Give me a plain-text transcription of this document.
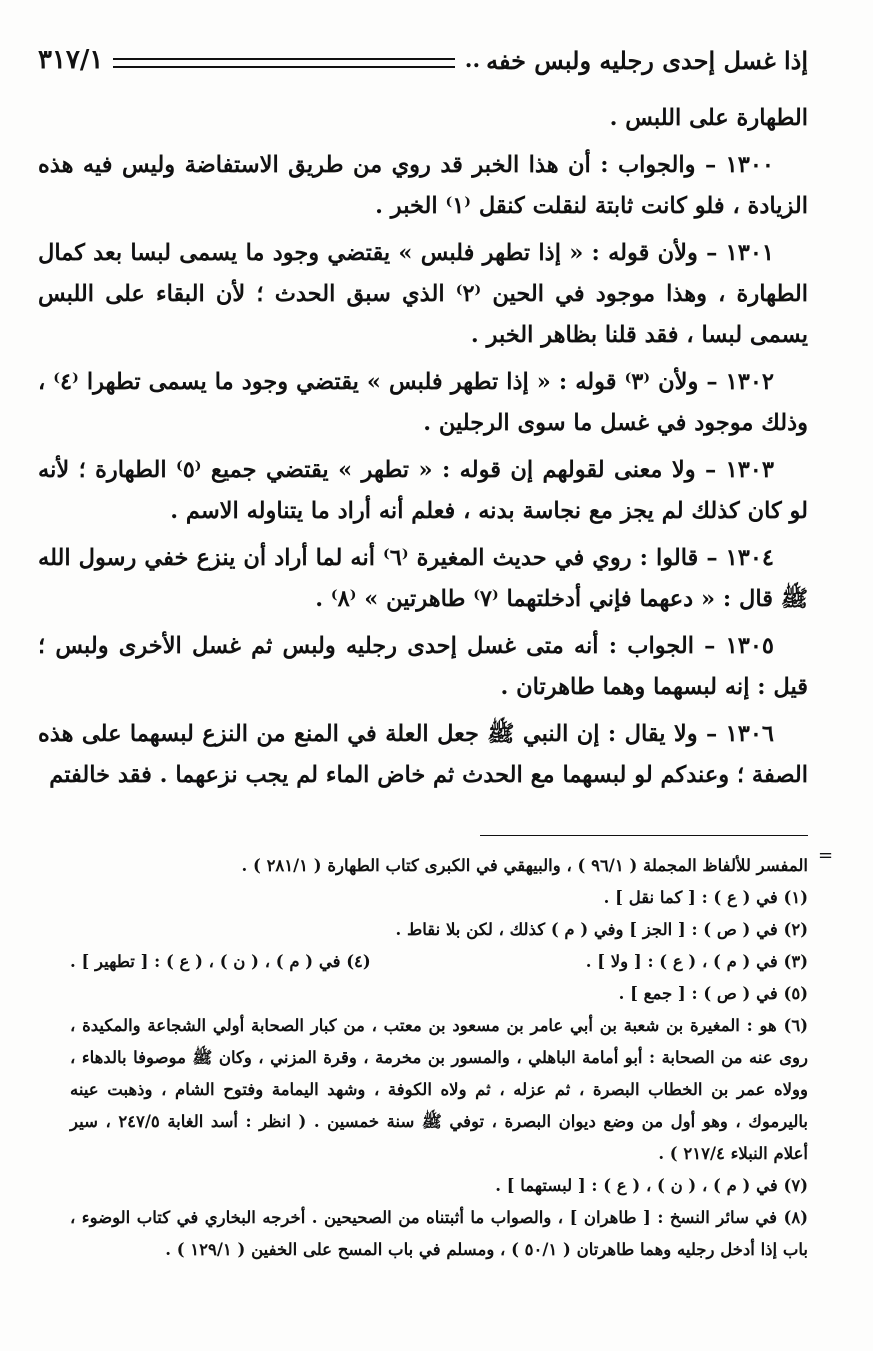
إذا غسل إحدى رجليه ولبس خفه
..
٣١٧/١

الطهارة على اللبس .

١٣٠٠ – والجواب : أن هذا الخبر قد روي من طريق الاستفاضة وليس فيه هذه الزيادة ، فلو كانت ثابتة لنقلت كنقل ⁽١⁾ الخبر .

١٣٠١ – ولأن قوله : « إذا تطهر فلبس » يقتضي وجود ما يسمى لبسا بعد كمال الطهارة ، وهذا موجود في الحين ⁽٢⁾ الذي سبق الحدث ؛ لأن البقاء على اللبس يسمى لبسا ، فقد قلنا بظاهر الخبر .

١٣٠٢ – ولأن ⁽٣⁾ قوله : « إذا تطهر فلبس » يقتضي وجود ما يسمى تطهرا ⁽٤⁾ ، وذلك موجود في غسل ما سوى الرجلين .

١٣٠٣ – ولا معنى لقولهم إن قوله : « تطهر » يقتضي جميع ⁽٥⁾ الطهارة ؛ لأنه لو كان كذلك لم يجز مع نجاسة بدنه ، فعلم أنه أراد ما يتناوله الاسم .

١٣٠٤ – قالوا : روي في حديث المغيرة ⁽٦⁾ أنه لما أراد أن ينزع خفي رسول الله ﷺ قال : « دعهما فإني أدخلتهما ⁽٧⁾ طاهرتين » ⁽٨⁾ .

١٣٠٥ – الجواب : أنه متى غسل إحدى رجليه ولبس ثم غسل الأخرى ولبس ؛ قيل : إنه لبسهما وهما طاهرتان .

١٣٠٦ – ولا يقال : إن النبي ﷺ جعل العلة في المنع من النزع لبسهما على هذه الصفة ؛ وعندكم لو لبسهما مع الحدث ثم خاض الماء لم يجب نزعهما . فقد خالفتم

=

المفسر للألفاظ المجملة ( ٩٦/١ ) ، والبيهقي في الكبرى كتاب الطهارة ( ٢٨١/١ ) .

(١) في ( ع ) : [ كما نقل ] .

(٢) في ( ص ) : [ الجز ] وفي ( م ) كذلك ، لكن بلا نقاط .

(٣) في ( م ) ، ( ع ) : [ ولا ] .
(٤) في ( م ) ، ( ن ) ، ( ع ) : [ تطهير ] .

(٥) في ( ص ) : [ جمع ] .

(٦) هو : المغيرة بن شعبة بن أبي عامر بن مسعود بن معتب ، من كبار الصحابة أولي الشجاعة والمكيدة ، روى عنه من الصحابة : أبو أمامة الباهلي ، والمسور بن مخرمة ، وقرة المزني ، وكان ﷺ موصوفا بالدهاء ، وولاه عمر بن الخطاب البصرة ، ثم عزله ، ثم ولاه الكوفة ، وشهد اليمامة وفتوح الشام ، وذهبت عينه باليرموك ، وهو أول من وضع ديوان البصرة ، توفي ﷺ سنة خمسين . ( انظر : أسد الغابة ٢٤٧/٥ ، سير أعلام النبلاء ٢١٧/٤ ) .

(٧) في ( م ) ، ( ن ) ، ( ع ) : [ لبستهما ] .

(٨) في سائر النسخ : [ طاهران ] ، والصواب ما أثبتناه من الصحيحين . أخرجه البخاري في كتاب الوضوء ، باب إذا أدخل رجليه وهما طاهرتان ( ٥٠/١ ) ، ومسلم في باب المسح على الخفين ( ١٢٩/١ ) .
